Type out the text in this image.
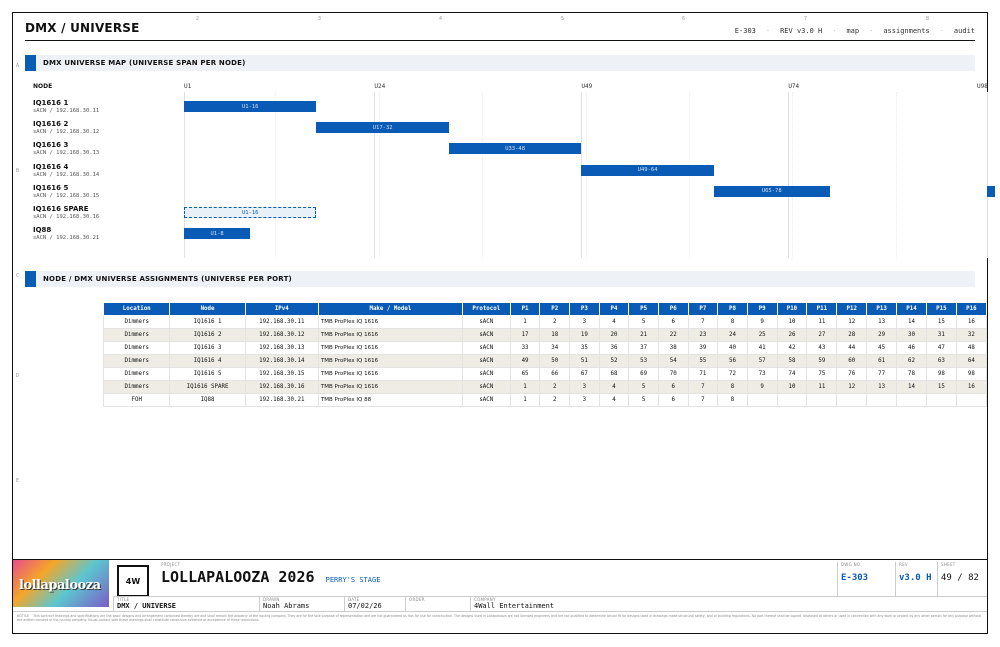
2	3	4	5	6	7	8
A
B
C
D
E
DMX / UNIVERSE	E-303 · REV v3.0 H · map · assignments · audit
DMX UNIVERSE MAP (UNIVERSE SPAN PER NODE)
NODE	U1	U24	U49	U74	U98
IQ1616 1
sACN / 192.168.30.11
U1-16
IQ1616 2
sACN / 192.168.30.12
U17-32
IQ1616 3
sACN / 192.168.30.13
U33-48
IQ1616 4
sACN / 192.168.30.14
U49-64
IQ1616 5
sACN / 192.168.30.15
U65-78
IQ1616 SPARE
sACN / 192.168.30.16
U1-16
IQ88
sACN / 192.168.30.21
U1-8
NODE / DMX UNIVERSE ASSIGNMENTS (UNIVERSE PER PORT)
Location	Node	IPv4	Make / Model	Protocol	P1	P2	P3	P4	P5	P6	P7	P8	P9	P10	P11	P12	P13	P14	P15	P16
Dimmers	IQ1616 1	192.168.30.11	TMB ProPlex IQ 1616	sACN	1	2	3	4	5	6	7	8	9	10	11	12	13	14	15	16
Dimmers	IQ1616 2	192.168.30.12	TMB ProPlex IQ 1616	sACN	17	18	19	20	21	22	23	24	25	26	27	28	29	30	31	32
Dimmers	IQ1616 3	192.168.30.13	TMB ProPlex IQ 1616	sACN	33	34	35	36	37	38	39	40	41	42	43	44	45	46	47	48
Dimmers	IQ1616 4	192.168.30.14	TMB ProPlex IQ 1616	sACN	49	50	51	52	53	54	55	56	57	58	59	60	61	62	63	64
Dimmers	IQ1616 5	192.168.30.15	TMB ProPlex IQ 1616	sACN	65	66	67	68	69	70	71	72	73	74	75	76	77	78	98	98
Dimmers	IQ1616 SPARE	192.168.30.16	TMB ProPlex IQ 1616	sACN	1	2	3	4	5	6	7	8	9	10	11	12	13	14	15	16
FOH	IQ88	192.168.30.21	TMB ProPlex IQ 88	sACN	1	2	3	4	5	6	7	8								
lollapalooza	4W
PROJECT
LOLLAPALOOZA 2026 PERRY'S STAGE
DWG NO.
E-303
REV
v3.0 H
SHEET
49 / 82
TITLE
DMX / UNIVERSE
DRAWN
Noah Abrams
DATE
07/02/26
ORDER	COMPANY
4Wall Entertainment
NOTICE This contract drawings and specifications are the basic designs and arrangement contained thereby are and shall remain the property of the issuing company. They are for the sole purpose of representation and are not guaranteed as fact for use for construction. The designs used in Lollapalooza are not licensed engineers and are not qualified to determine actual fit for designs used in drawings make structural safety, and or building regulations. No part thereof shall be copied, disclosed to others or used in connection with any work or project by any other person for any purpose without the written consent of the issuing company. Visual contact with these drawings shall constitute conclusive evidence of acceptance of these restrictions.
